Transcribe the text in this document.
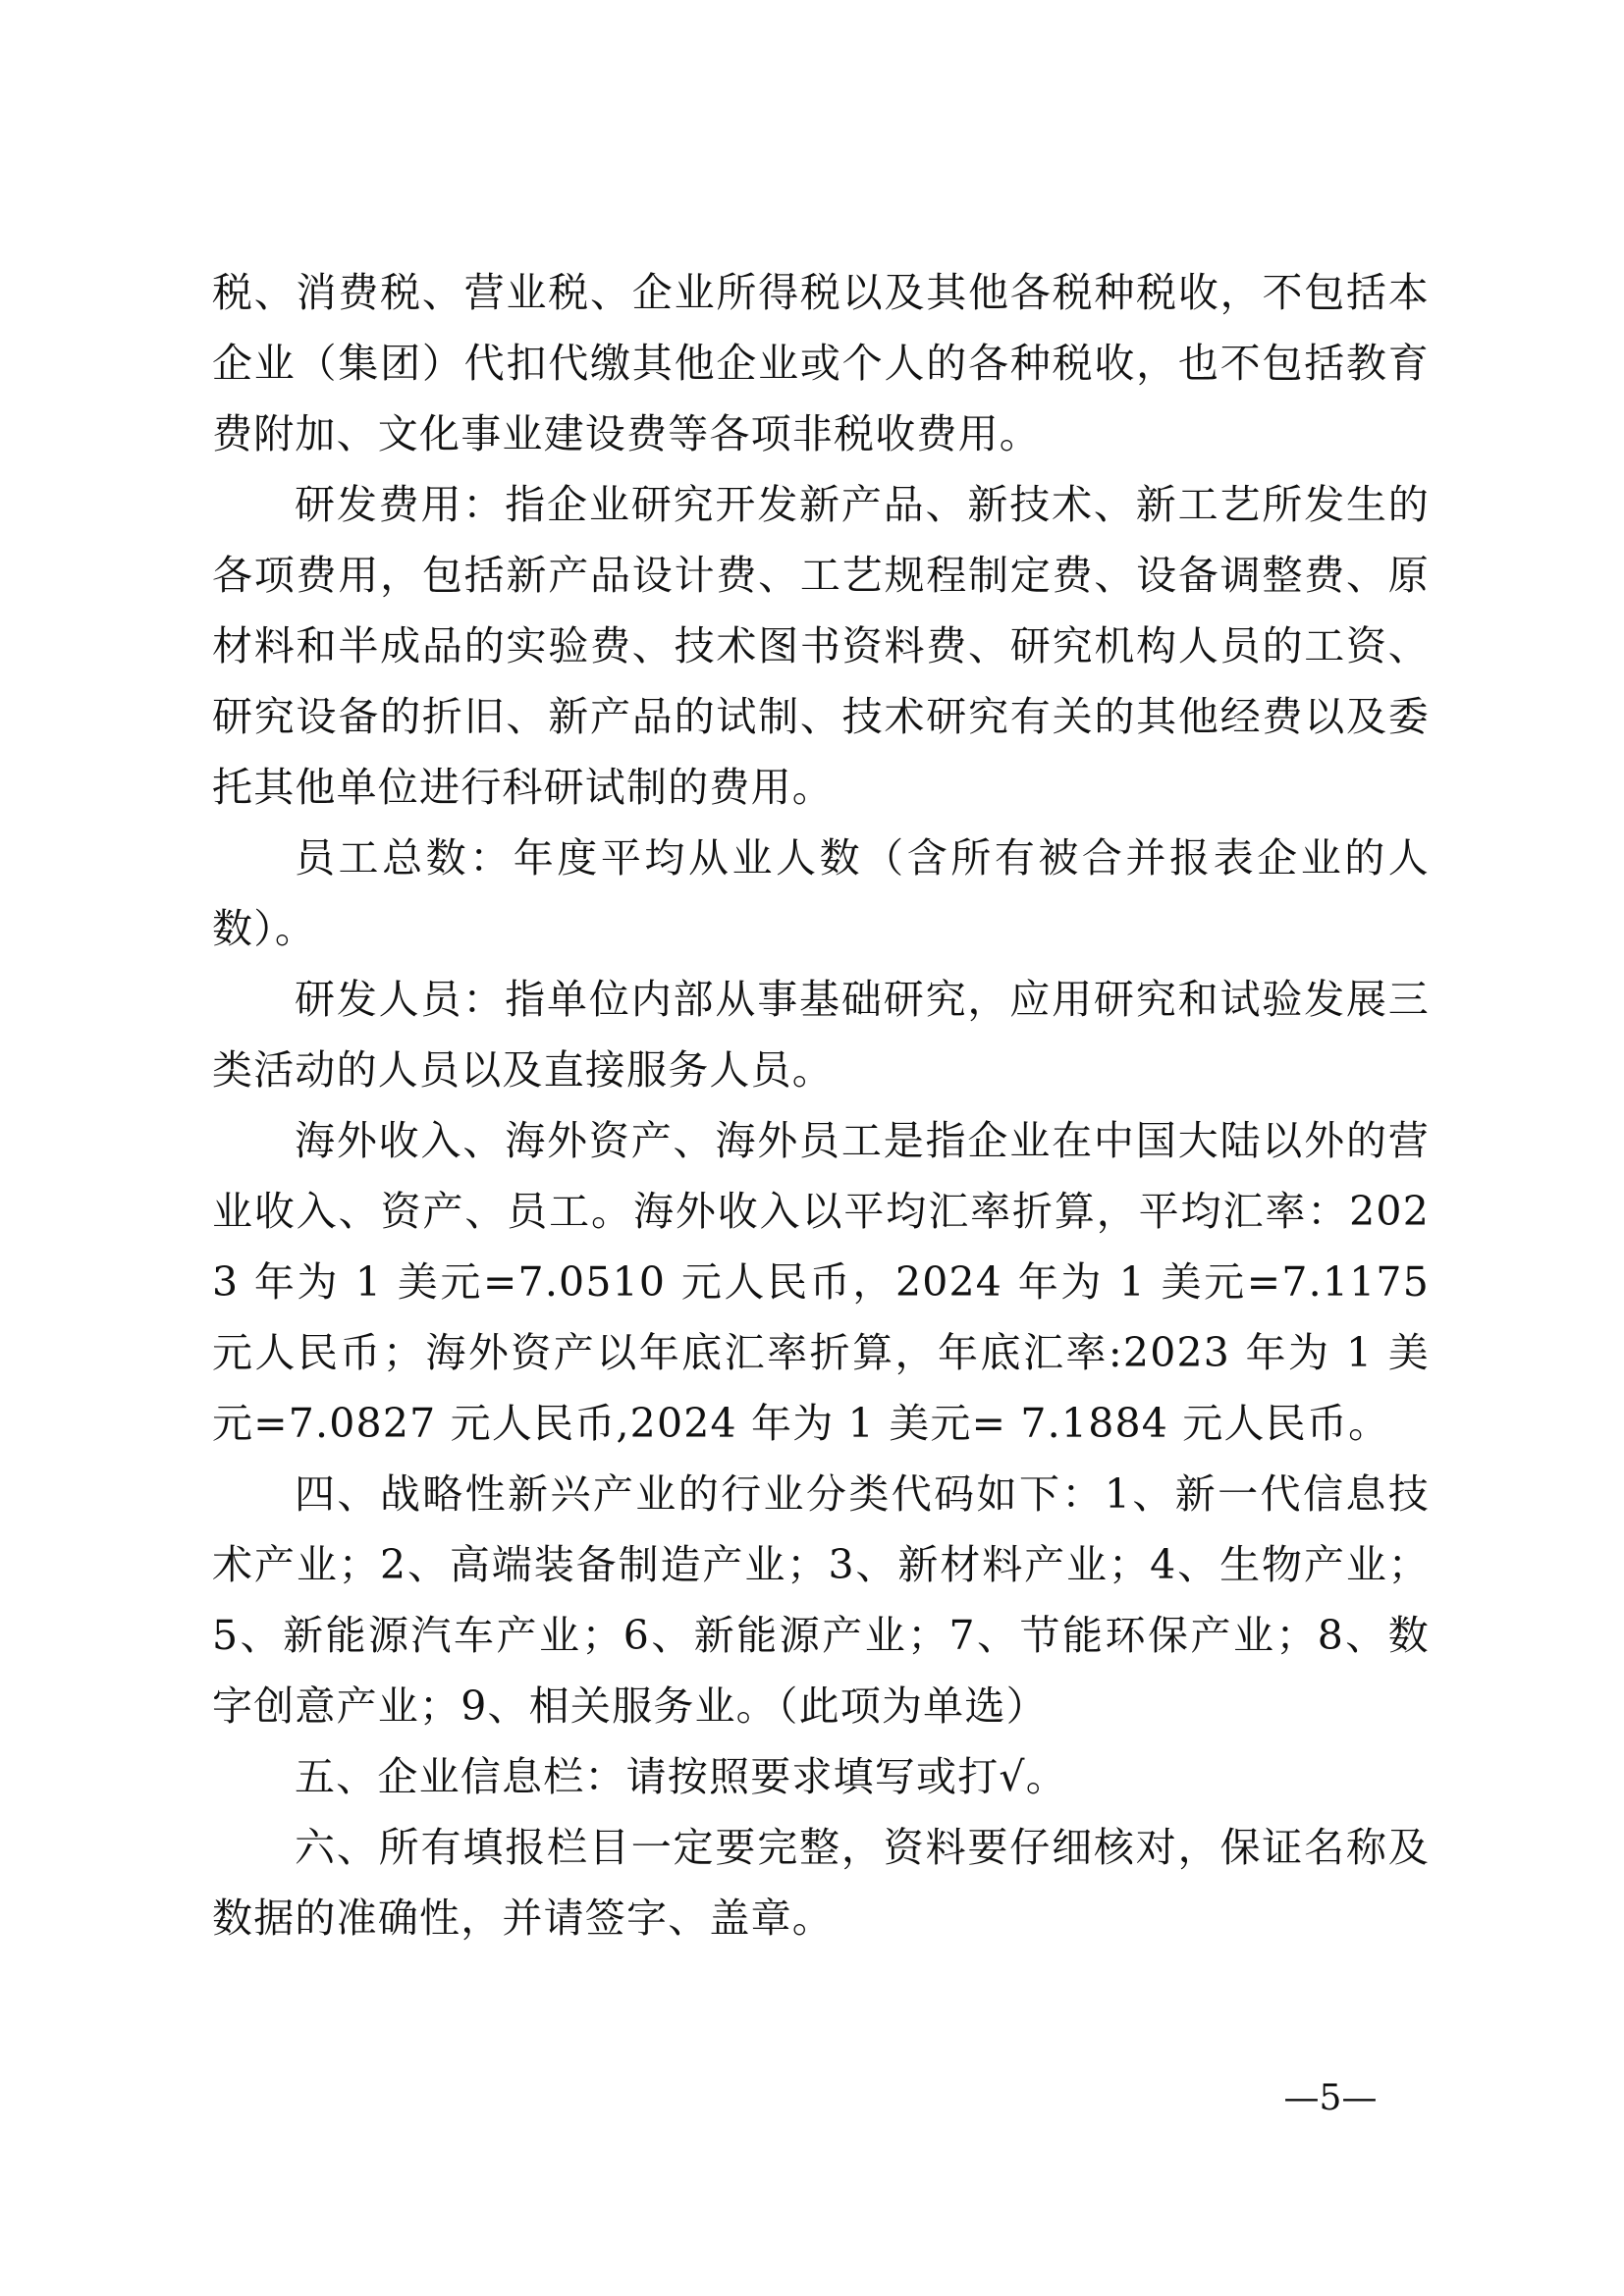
税、消费税、营业税、企业所得税以及其他各税种税收，不包括本企业（集团）代扣代缴其他企业或个人的各种税收，也不包括教育费附加、文化事业建设费等各项非税收费用。

研发费用：指企业研究开发新产品、新技术、新工艺所发生的各项费用，包括新产品设计费、工艺规程制定费、设备调整费、原材料和半成品的实验费、技术图书资料费、研究机构人员的工资、研究设备的折旧、新产品的试制、技术研究有关的其他经费以及委托其他单位进行科研试制的费用。

员工总数：年度平均从业人数（含所有被合并报表企业的人数）。

研发人员：指单位内部从事基础研究，应用研究和试验发展三类活动的人员以及直接服务人员。

海外收入、海外资产、海外员工是指企业在中国大陆以外的营业收入、资产、员工。海外收入以平均汇率折算，平均汇率：2023 年为 1 美元=7.0510 元人民币，2024 年为 1 美元=7.1175 元人民币；海外资产以年底汇率折算，年底汇率:2023 年为 1 美元=7.0827 元人民币,2024 年为 1 美元= 7.1884 元人民币。

四、战略性新兴产业的行业分类代码如下：1、新一代信息技术产业；2、高端装备制造产业；3、新材料产业；4、生物产业；5、新能源汽车产业；6、新能源产业；7、节能环保产业；8、数字创意产业；9、相关服务业。（此项为单选）

五、企业信息栏：请按照要求填写或打√。

六、所有填报栏目一定要完整，资料要仔细核对，保证名称及数据的准确性，并请签字、盖章。

—5—
